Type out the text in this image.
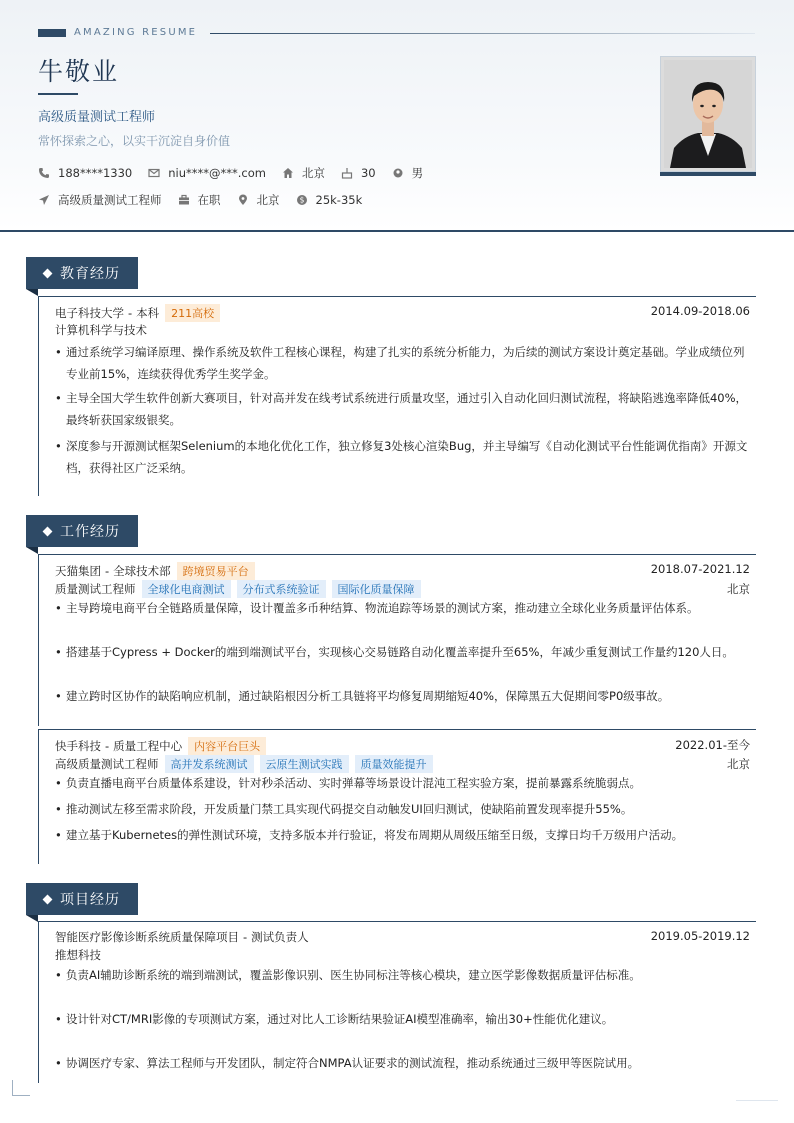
AMAZING RESUME
牛敬业
高级质量测试工程师
常怀探索之心，以实干沉淀自身价值
188****1330	niu****@***.com	北京	30	男
高级质量测试工程师	在职	北京	$ 25k-35k
教育经历
电子科技大学 - 本科	211高校	2014.09-2018.06
计算机科学与技术
• 通过系统学习编译原理、操作系统及软件工程核心课程，构建了扎实的系统分析能力，为后续的测试方案设计奠定基础。学业成绩位列专业前15%，连续获得优秀学生奖学金。
• 主导全国大学生软件创新大赛项目，针对高并发在线考试系统进行质量攻坚，通过引入自动化回归测试流程，将缺陷逃逸率降低40%，最终斩获国家级银奖。
• 深度参与开源测试框架Selenium的本地化优化工作，独立修复3处核心渲染Bug，并主导编写《自动化测试平台性能调优指南》开源文档，获得社区广泛采纳。
工作经历
天猫集团 - 全球技术部	跨境贸易平台	2018.07-2021.12
质量测试工程师	全球化电商测试	分布式系统验证	国际化质量保障	北京
• 主导跨境电商平台全链路质量保障，设计覆盖多币种结算、物流追踪等场景的测试方案，推动建立全球化业务质量评估体系。
• 搭建基于Cypress + Docker的端到端测试平台，实现核心交易链路自动化覆盖率提升至65%，年减少重复测试工作量约120人日。
• 建立跨时区协作的缺陷响应机制，通过缺陷根因分析工具链将平均修复周期缩短40%，保障黑五大促期间零P0级事故。
快手科技 - 质量工程中心	内容平台巨头	2022.01-至今
高级质量测试工程师	高并发系统测试	云原生测试实践	质量效能提升	北京
• 负责直播电商平台质量体系建设，针对秒杀活动、实时弹幕等场景设计混沌工程实验方案，提前暴露系统脆弱点。
• 推动测试左移至需求阶段，开发质量门禁工具实现代码提交自动触发UI回归测试，使缺陷前置发现率提升55%。
• 建立基于Kubernetes的弹性测试环境，支持多版本并行验证，将发布周期从周级压缩至日级，支撑日均千万级用户活动。
项目经历
智能医疗影像诊断系统质量保障项目 - 测试负责人	2019.05-2019.12
推想科技
• 负责AI辅助诊断系统的端到端测试，覆盖影像识别、医生协同标注等核心模块，建立医学影像数据质量评估标准。
• 设计针对CT/MRI影像的专项测试方案，通过对比人工诊断结果验证AI模型准确率，输出30+性能优化建议。
• 协调医疗专家、算法工程师与开发团队，制定符合NMPA认证要求的测试流程，推动系统通过三级甲等医院试用。
